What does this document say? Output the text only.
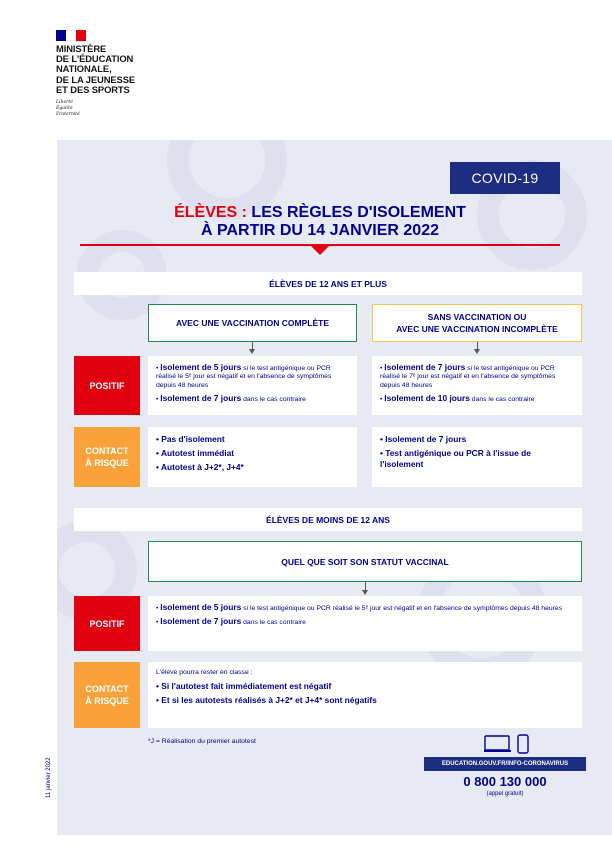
MINISTÈRE
DE L'ÉDUCATION
NATIONALE,
DE LA JEUNESSE
ET DES SPORTS
Liberté
Égalité
Fraternité
COVID-19
ÉLÈVES : LES RÈGLES D'ISOLEMENT
À PARTIR DU 14 JANVIER 2022
ÉLÈVES DE 12 ANS ET PLUS
AVEC UNE VACCINATION COMPLÈTE
SANS VACCINATION OU
AVEC UNE VACCINATION INCOMPLÈTE
POSITIF
• Isolement de 5 jours si le test antigénique ou PCR réalisé le 5ᵉ jour est négatif et en l'absence de symptômes depuis 48 heures
• Isolement de 7 jours dans le cas contraire
• Isolement de 7 jours si le test antigénique ou PCR réalisé le 7ᵉ jour est négatif et en l'absence de symptômes depuis 48 heures
• Isolement de 10 jours dans le cas contraire
CONTACT
À RISQUE
• Pas d'isolement
• Autotest immédiat
• Autotest à J+2*, J+4*
• Isolement de 7 jours
• Test antigénique ou PCR à l'issue de l'isolement
ÉLÈVES DE MOINS DE 12 ANS
QUEL QUE SOIT SON STATUT VACCINAL
POSITIF
• Isolement de 5 jours si le test antigénique ou PCR réalisé le 5ᵉ jour est négatif et en l'absence de symptômes depuis 48 heures
• Isolement de 7 jours dans le cas contraire
CONTACT
À RISQUE
L'élève pourra rester en classe :
• Si l'autotest fait immédiatement est négatif
• Et si les autotests réalisés à J+2* et J+4* sont négatifs
*J = Réalisation du premier autotest
11 janvier 2022	EDUCATION.GOUV.FR/INFO-CORONAVIRUS
0 800 130 000
(appel gratuit)
